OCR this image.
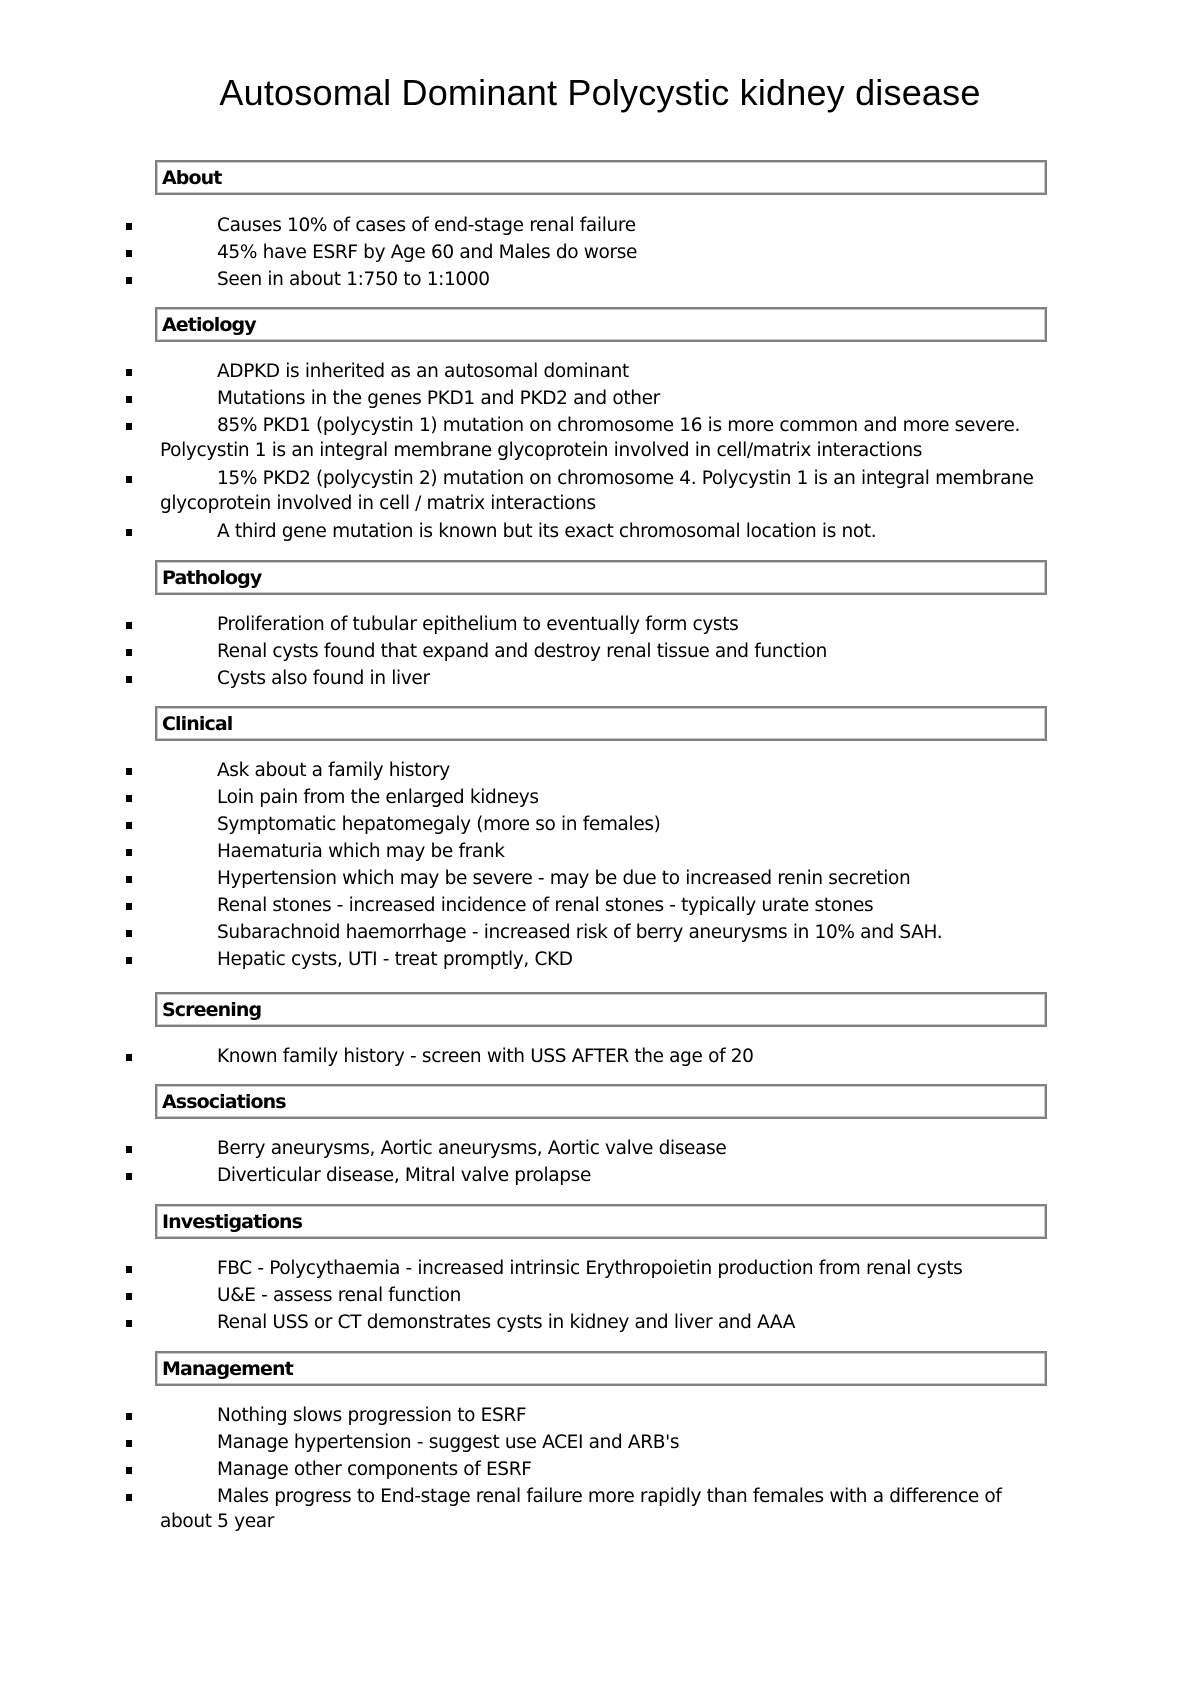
Autosomal Dominant Polycystic kidney disease
About
Causes 10% of cases of end-stage renal failure
45% have ESRF by Age 60 and Males do worse
Seen in about 1:750 to 1:1000
Aetiology
ADPKD is inherited as an autosomal dominant
Mutations in the genes PKD1 and PKD2 and other
85% PKD1 (polycystin 1) mutation on chromosome 16 is more common and more severe. Polycystin 1 is an integral membrane glycoprotein involved in cell/matrix interactions
15% PKD2 (polycystin 2) mutation on chromosome 4. Polycystin 1 is an integral membrane glycoprotein involved in cell / matrix interactions
A third gene mutation is known but its exact chromosomal location is not.
Pathology
Proliferation of tubular epithelium to eventually form cysts
Renal cysts found that expand and destroy renal tissue and function
Cysts also found in liver
Clinical
Ask about a family history
Loin pain from the enlarged kidneys
Symptomatic hepatomegaly (more so in females)
Haematuria which may be frank
Hypertension which may be severe - may be due to increased renin secretion
Renal stones - increased incidence of renal stones - typically urate stones
Subarachnoid haemorrhage - increased risk of berry aneurysms in 10% and SAH.
Hepatic cysts, UTI - treat promptly, CKD
Screening
Known family history - screen with USS AFTER the age of 20
Associations
Berry aneurysms, Aortic aneurysms, Aortic valve disease
Diverticular disease, Mitral valve prolapse
Investigations
FBC - Polycythaemia - increased intrinsic Erythropoietin production from renal cysts
U&E - assess renal function
Renal USS or CT demonstrates cysts in kidney and liver and AAA
Management
Nothing slows progression to ESRF
Manage hypertension - suggest use ACEI and ARB's
Manage other components of ESRF
Males progress to End-stage renal failure more rapidly than females with a difference of about 5 year
